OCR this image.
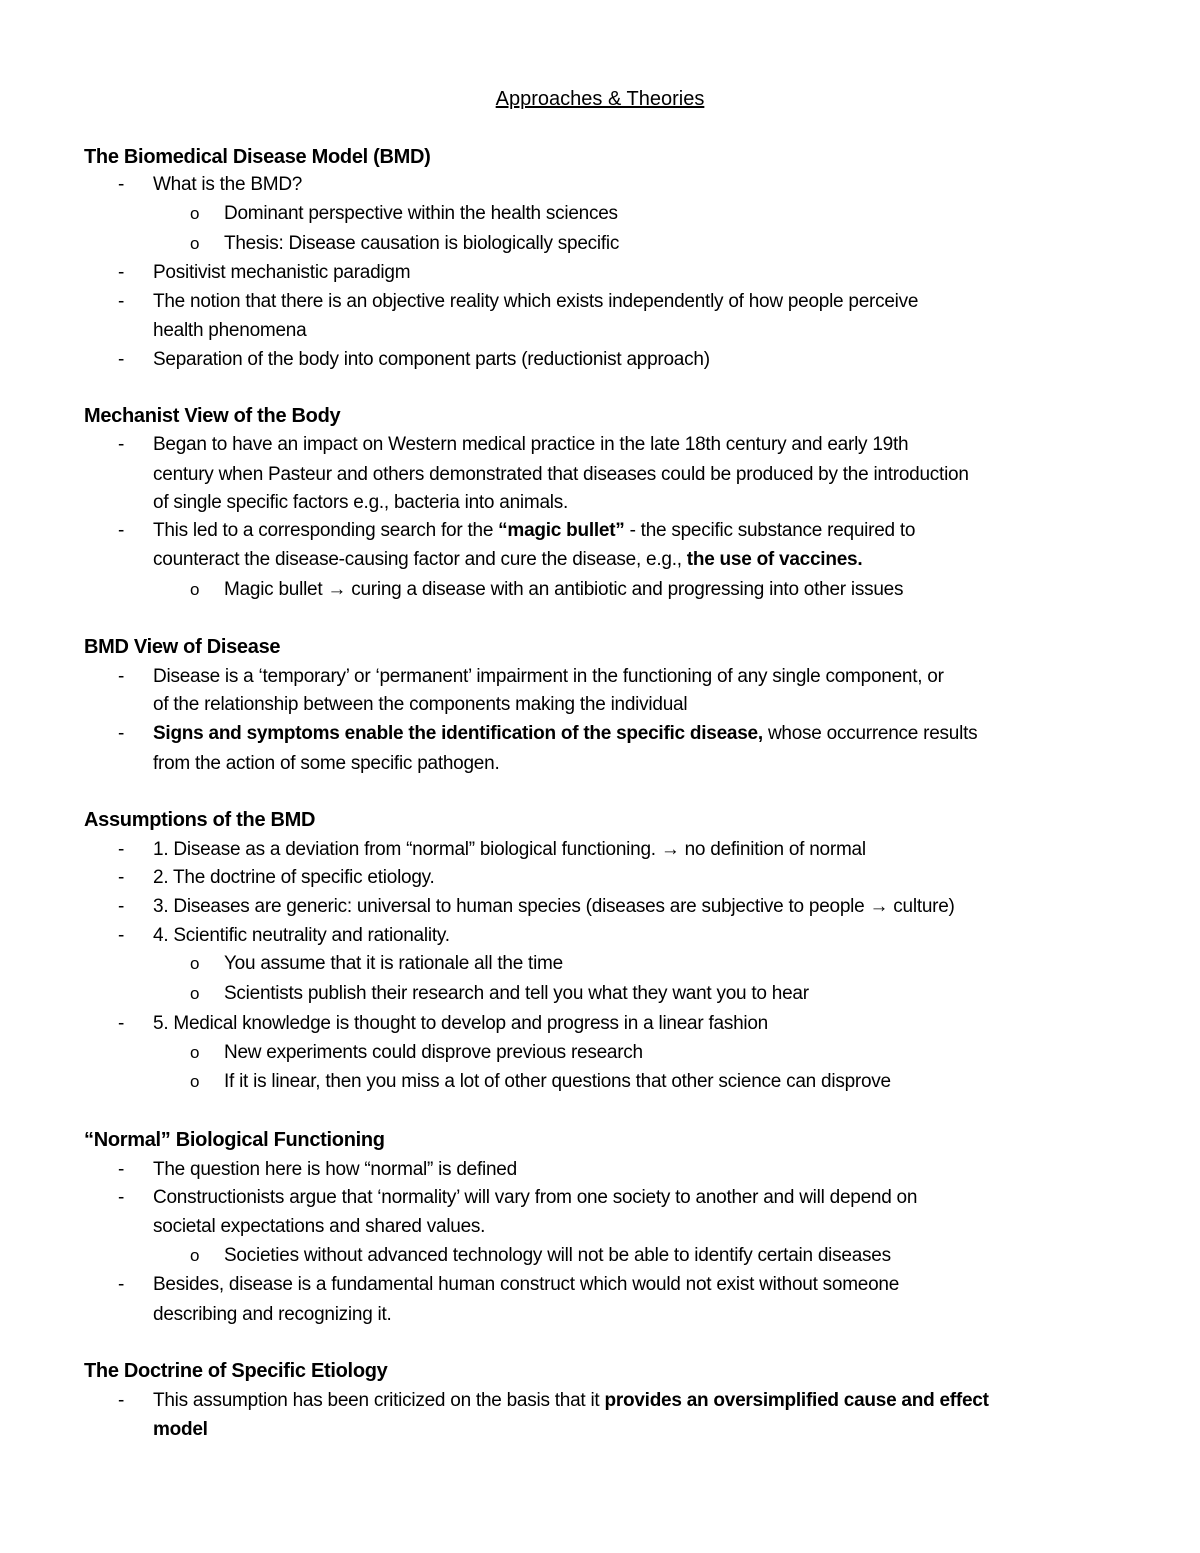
Approaches & Theories
The Biomedical Disease Model (BMD)
- What is the BMD?
o Dominant perspective within the health sciences
o Thesis: Disease causation is biologically specific
- Positivist mechanistic paradigm
- The notion that there is an objective reality which exists independently of how people perceive
health phenomena
- Separation of the body into component parts (reductionist approach)
Mechanist View of the Body
- Began to have an impact on Western medical practice in the late 18th century and early 19th
century when Pasteur and others demonstrated that diseases could be produced by the introduction
of single specific factors e.g., bacteria into animals.
- This led to a corresponding search for the “magic bullet” - the specific substance required to
counteract the disease-causing factor and cure the disease, e.g., the use of vaccines.
o Magic bullet → curing a disease with an antibiotic and progressing into other issues
BMD View of Disease
- Disease is a ‘temporary’ or ‘permanent’ impairment in the functioning of any single component, or
of the relationship between the components making the individual
- Signs and symptoms enable the identification of the specific disease, whose occurrence results
from the action of some specific pathogen.
Assumptions of the BMD
- 1. Disease as a deviation from “normal” biological functioning. → no definition of normal
- 2. The doctrine of specific etiology.
- 3. Diseases are generic: universal to human species (diseases are subjective to people → culture)
- 4. Scientific neutrality and rationality.
o You assume that it is rationale all the time
o Scientists publish their research and tell you what they want you to hear
- 5. Medical knowledge is thought to develop and progress in a linear fashion
o New experiments could disprove previous research
o If it is linear, then you miss a lot of other questions that other science can disprove
“Normal” Biological Functioning
- The question here is how “normal” is defined
- Constructionists argue that ‘normality’ will vary from one society to another and will depend on
societal expectations and shared values.
o Societies without advanced technology will not be able to identify certain diseases
- Besides, disease is a fundamental human construct which would not exist without someone
describing and recognizing it.
The Doctrine of Specific Etiology
- This assumption has been criticized on the basis that it provides an oversimplified cause and effect
model
